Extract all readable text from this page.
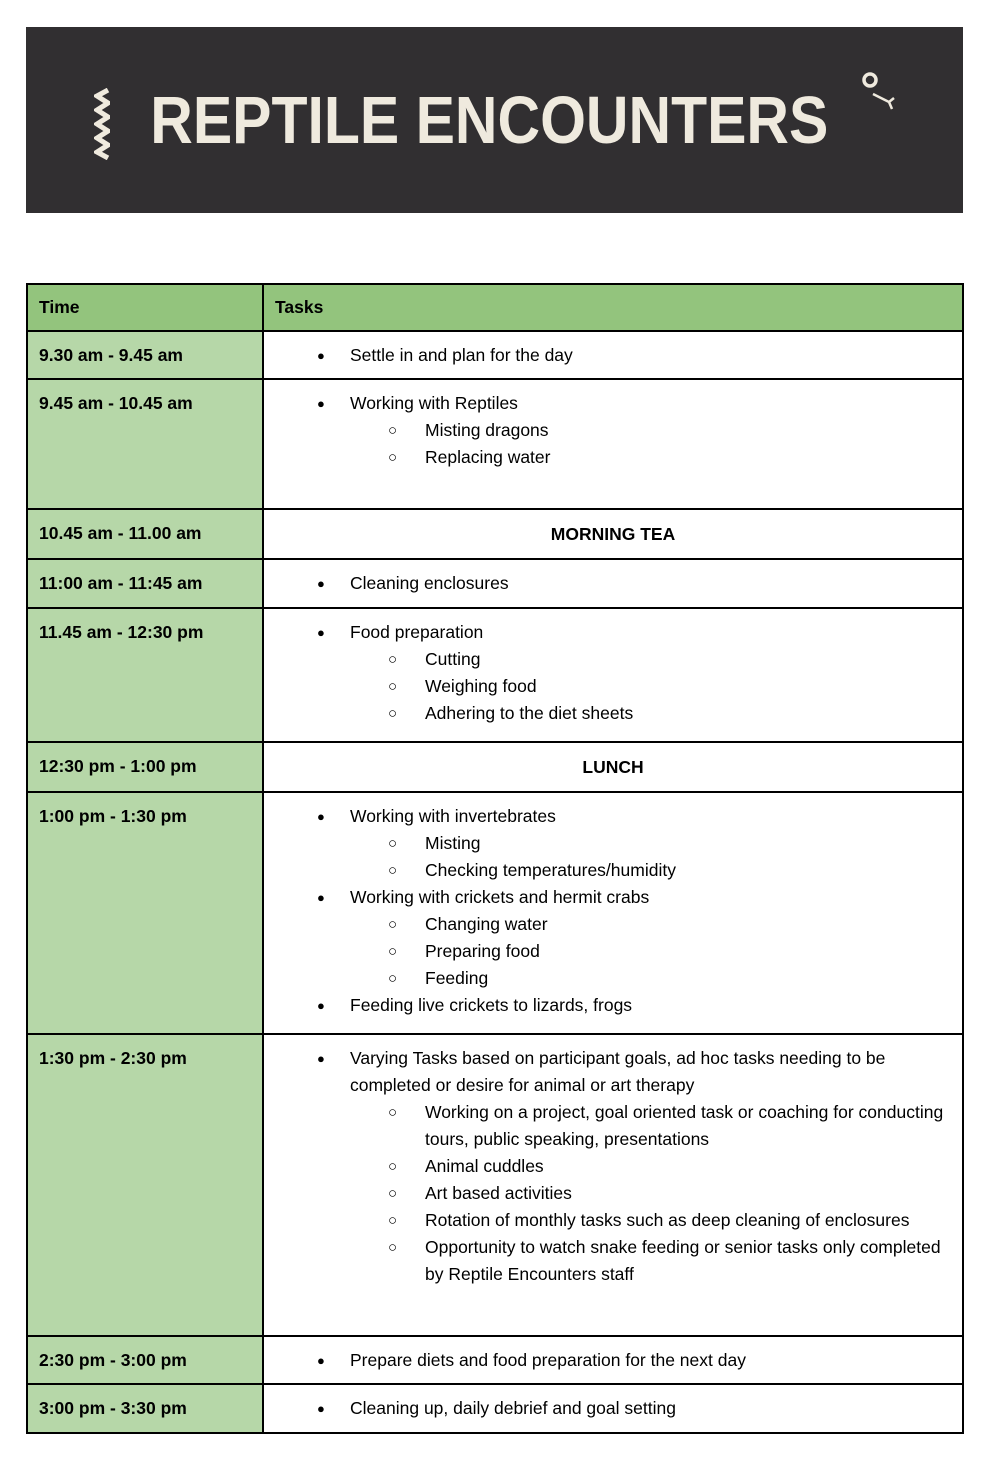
REPTILE ENCOUNTERS
Time	Tasks
9.30 am - 9.45 am	● Settle in and plan for the day

9.45 am - 10.45 am	●	Working with Reptiles
○	Misting dragons
○	Replacing water

10.45 am - 11.00 am	MORNING TEA

11:00 am - 11:45 am	● Cleaning enclosures

11.45 am - 12:30 pm	●	Food preparation
○	Cutting
○	Weighing food
○	Adhering to the diet sheets

12:30 pm - 1:00 pm	LUNCH

1:00 pm - 1:30 pm	●	Working with invertebrates
○	Misting
○	Checking temperatures/humidity
●	Working with crickets and hermit crabs
○	Changing water
○	Preparing food
○	Feeding
●	Feeding live crickets to lizards, frogs

1:30 pm - 2:30 pm	●	Varying Tasks based on participant goals, ad hoc tasks needing to be completed or desire for animal or art therapy
○	Working on a project, goal oriented task or coaching for conducting tours, public speaking, presentations
○	Animal cuddles
○	Art based activities
○	Rotation of monthly tasks such as deep cleaning of enclosures
○	Opportunity to watch snake feeding or senior tasks only completed by Reptile Encounters staff

2:30 pm - 3:00 pm	● Prepare diets and food preparation for the next day

3:00 pm - 3:30 pm	● Cleaning up, daily debrief and goal setting
